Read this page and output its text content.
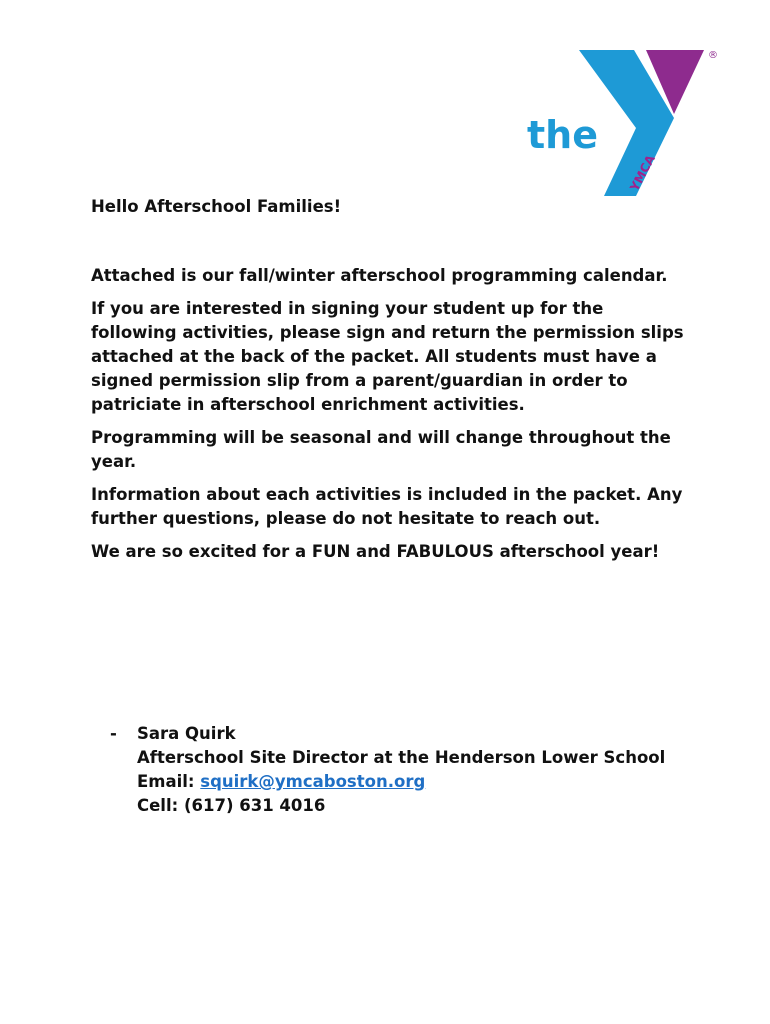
the
YMCA
®

Hello Afterschool Families!

Attached is our fall/winter afterschool programming calendar.

If you are interested in signing your student up for the following activities, please sign and return the permission slips attached at the back of the packet. All students must have a signed permission slip from a parent/guardian in order to patriciate in afterschool enrichment activities.

Programming will be seasonal and will change throughout the year.

Information about each activities is included in the packet. Any further questions, please do not hesitate to reach out.

We are so excited for a FUN and FABULOUS afterschool year!

-	Sara Quirk
Afterschool Site Director at the Henderson Lower School
Email: squirk@ymcaboston.org
Cell: (617) 631 4016
